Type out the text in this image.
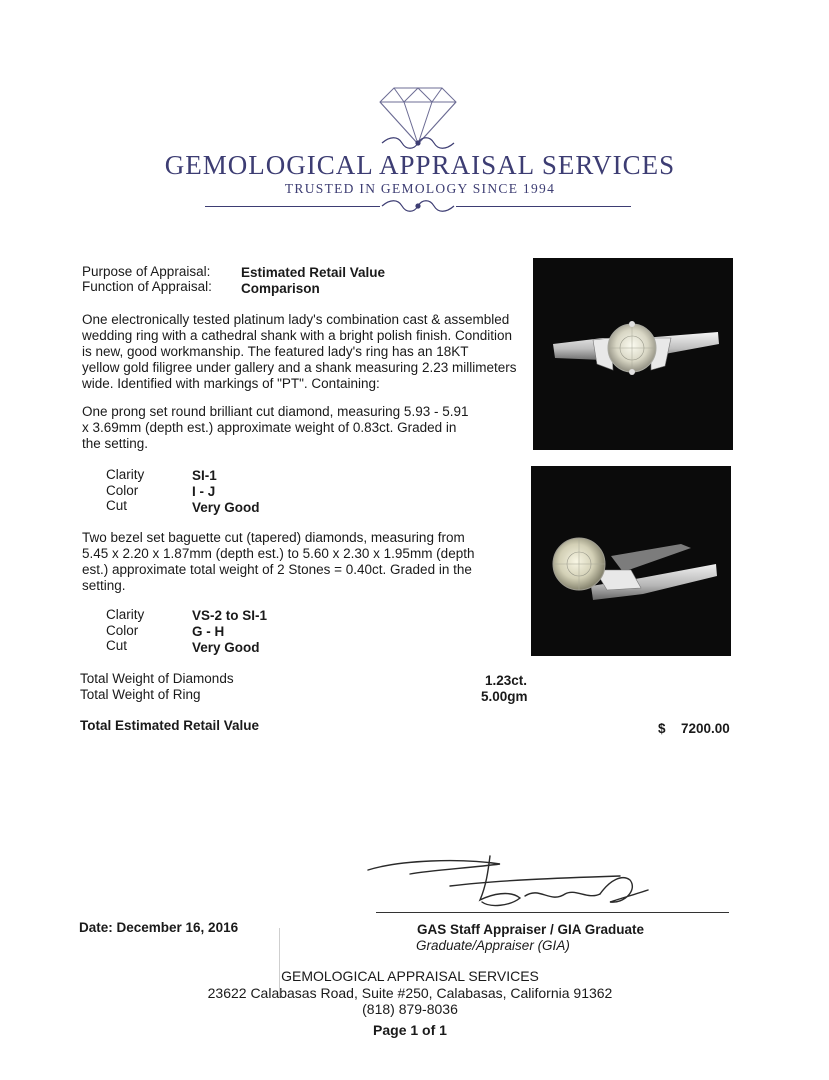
GEMOLOGICAL APPRAISAL SERVICES
TRUSTED IN GEMOLOGY SINCE 1994
Purpose of Appraisal: Estimated Retail Value
Function of Appraisal: Comparison
One electronically tested platinum lady's combination cast & assembled
wedding ring with a cathedral shank with a bright polish finish. Condition
is new, good workmanship. The featured lady's ring has an 18KT
yellow gold filigree under gallery and a shank measuring 2.23 millimeters
wide. Identified with markings of "PT". Containing:
One prong set round brilliant cut diamond, measuring 5.93 - 5.91
x 3.69mm (depth est.) approximate weight of 0.83ct. Graded in
the setting.
Clarity	SI-1
Color	I - J
Cut	Very Good
Two bezel set baguette cut (tapered) diamonds, measuring from
5.45 x 2.20 x 1.87mm (depth est.) to 5.60 x 2.30 x 1.95mm (depth
est.) approximate total weight of 2 Stones = 0.40ct. Graded in the
setting.
Clarity	VS-2 to SI-1
Color	G - H
Cut	Very Good
Total Weight of Diamonds	1.23ct.
Total Weight of Ring	5.00gm
Total Estimated Retail Value	$ 7200.00
Date: December 16, 2016	GAS Staff Appraiser / GIA Graduate
Graduate/Appraiser (GIA)
GEMOLOGICAL APPRAISAL SERVICES
23622 Calabasas Road, Suite #250, Calabasas, California 91362
(818) 879-8036
Page 1 of 1
